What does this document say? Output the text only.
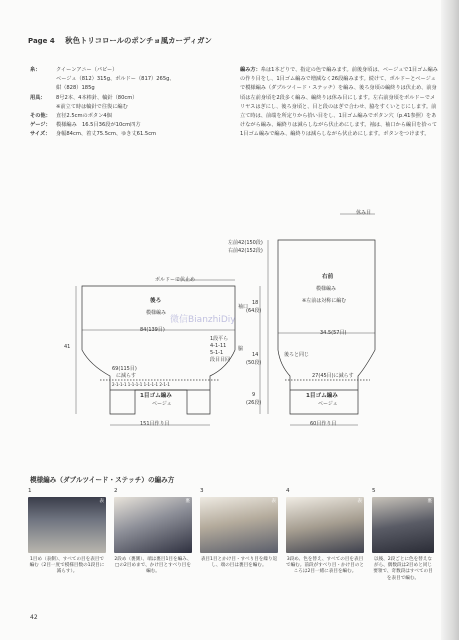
Page 4 秋色トリコロールのポンチョ風カーディガン
糸：	クイーンアニー（パピー）
ベージュ（812）315g、ボルドー（817）265g、
紺（828）185g
用具：	8号2本、4本棒針、輪針（80cm）
※前立て時は輪針で往復に編む
その他：	直径2.5cmのボタン4個
ゲージ：	模様編み　16.5目36段が10cm四方
サイズ：	身幅84cm、着丈75.5cm、ゆき丈61.5cm
編み方：糸は1本どりで、指定の色で編みます。前後身頃は、ベージュで1目ゴム編みの作り目をし、1目ゴム編みで増減なく26段編みます。続けて、ボルドーとベージュで模様編み（ダブルツイード・ステッチ）を編み、後ろ身頃の編終りは伏止め、前身頃は左前身頃を2段多く編み、編終りは休み目にします。左右前身頃をボルドーでメリヤスはぎにし、後ろ身頃と、目と段のはぎで合わせ、脇をすくいとじにします。前立て時は、前端を所定りから拾い目をし、1目ゴム編みでボタン穴（p.41参照）をあけながら編み、編終りは減らしながら伏止めにします。袖は、袖口から編目を拾って1目ゴム編みで編み、編終りは減らしながら伏止めにします。ボタンをつけます。
休み目
ボルドーで伏止め
後ろ
模様編み
84(139目)
1段平ら
4-1-11
5-1-1
段目目回
69(115目)
に減らす
2-1-1-1 1-1-1-1 1-1-1-1 2-1-1
1目ゴム編み
ベージュ
151目作り目
41
左前42(150段)
右前42(152段)
18
(64段)
袖口
脇
14
(50段)
9
(26段)
右前
模様編み
※左前は対称に編む
34.5(57目)
後ろと同じ
27(45目)に減らす
1目ゴム編み
ベージュ
60目作り目
微信BianzhiDiy
模様編み（ダブルツイード・ステッチ）の編み方
1
表
1目め（表側）、すべての目を表目で編む（2目一度で模様目数の1段目に減らす）。
2
裏
2段め（裏側）、端は裏目1目を編み、□の2目めまで、かけ目とすべり目を編む。
3
表
表目1目とかけ目・すべり目を繰り返し、端の目は裏目を編む。
4
表
3段め、色を替え、すべての目を表目で編む。前段がすべり目・かけ目のところは2目一緒に表目を編む。
5
裏
以後、2段ごとに色を替えながら、偶数段は2目めと同じ要領で、奇数段はすべての目を表目で編む。
42
